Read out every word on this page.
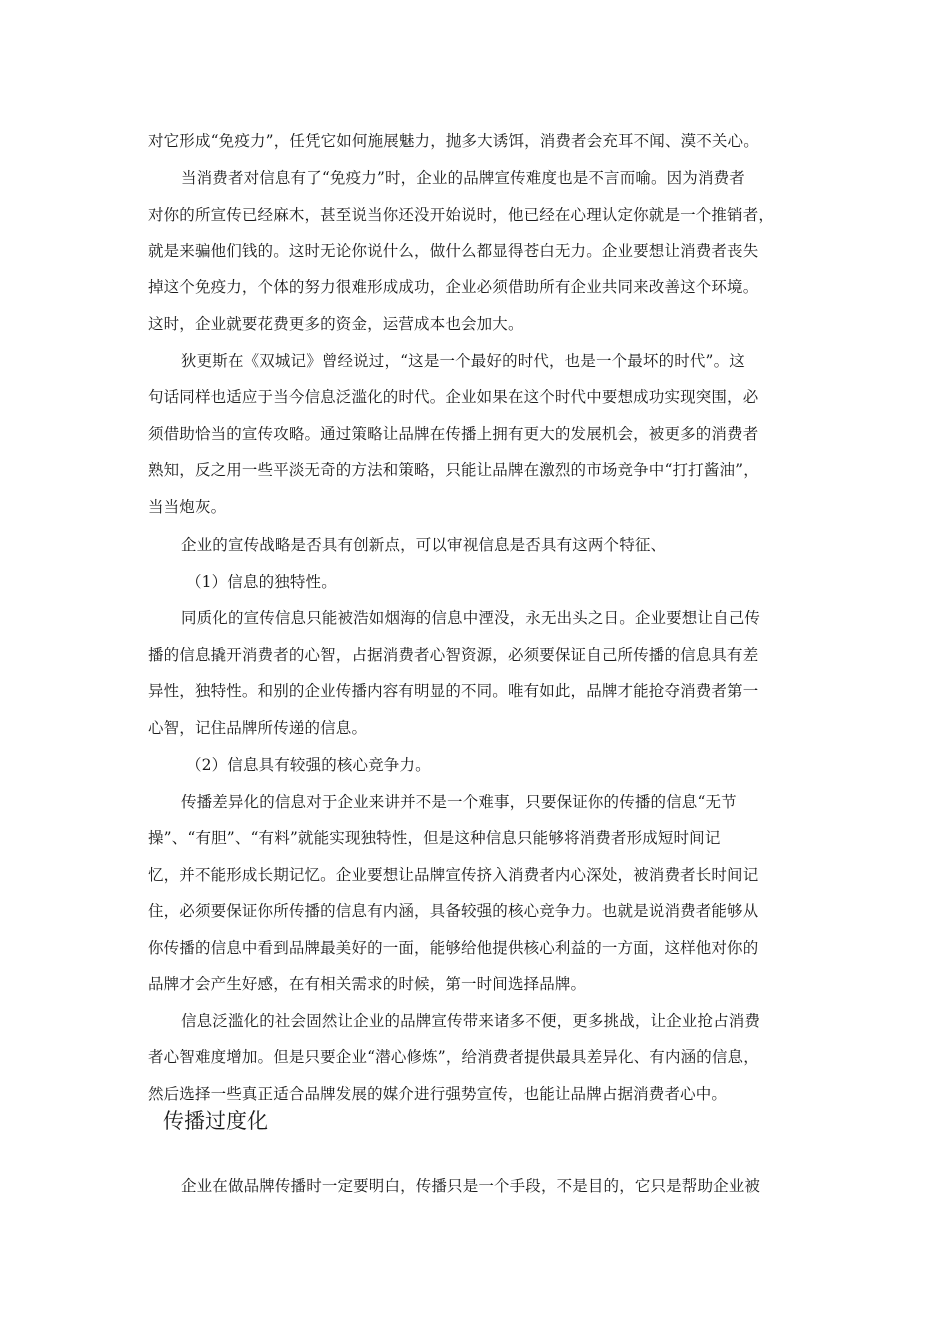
对它形成“免疫力”，任凭它如何施展魅力，抛多大诱饵，消费者会充耳不闻、漠不关心。
当消费者对信息有了“免疫力”时，企业的品牌宣传难度也是不言而喻。因为消费者
对你的所宣传已经麻木，甚至说当你还没开始说时，他已经在心理认定你就是一个推销者，
就是来骗他们钱的。这时无论你说什么，做什么都显得苍白无力。企业要想让消费者丧失
掉这个免疫力，个体的努力很难形成成功，企业必须借助所有企业共同来改善这个环境。
这时，企业就要花费更多的资金，运营成本也会加大。
狄更斯在《双城记》曾经说过，“这是一个最好的时代，也是一个最坏的时代”。这
句话同样也适应于当今信息泛滥化的时代。企业如果在这个时代中要想成功实现突围，必
须借助恰当的宣传攻略。通过策略让品牌在传播上拥有更大的发展机会，被更多的消费者
熟知，反之用一些平淡无奇的方法和策略，只能让品牌在激烈的市场竞争中“打打酱油”，
当当炮灰。
企业的宣传战略是否具有创新点，可以审视信息是否具有这两个特征、
（1）信息的独特性。
同质化的宣传信息只能被浩如烟海的信息中湮没，永无出头之日。企业要想让自己传
播的信息撬开消费者的心智，占据消费者心智资源，必须要保证自己所传播的信息具有差
异性，独特性。和别的企业传播内容有明显的不同。唯有如此，品牌才能抢夺消费者第一
心智，记住品牌所传递的信息。
（2）信息具有较强的核心竞争力。
传播差异化的信息对于企业来讲并不是一个难事，只要保证你的传播的信息“无节
操”、“有胆”、“有料”就能实现独特性，但是这种信息只能够将消费者形成短时间记
忆，并不能形成长期记忆。企业要想让品牌宣传挤入消费者内心深处，被消费者长时间记
住，必须要保证你所传播的信息有内涵，具备较强的核心竞争力。也就是说消费者能够从
你传播的信息中看到品牌最美好的一面，能够给他提供核心利益的一方面，这样他对你的
品牌才会产生好感，在有相关需求的时候，第一时间选择品牌。
信息泛滥化的社会固然让企业的品牌宣传带来诸多不便，更多挑战，让企业抢占消费
者心智难度增加。但是只要企业“潜心修炼”，给消费者提供最具差异化、有内涵的信息，
然后选择一些真正适合品牌发展的媒介进行强势宣传，也能让品牌占据消费者心中。
传播过度化
企业在做品牌传播时一定要明白，传播只是一个手段，不是目的，它只是帮助企业被
